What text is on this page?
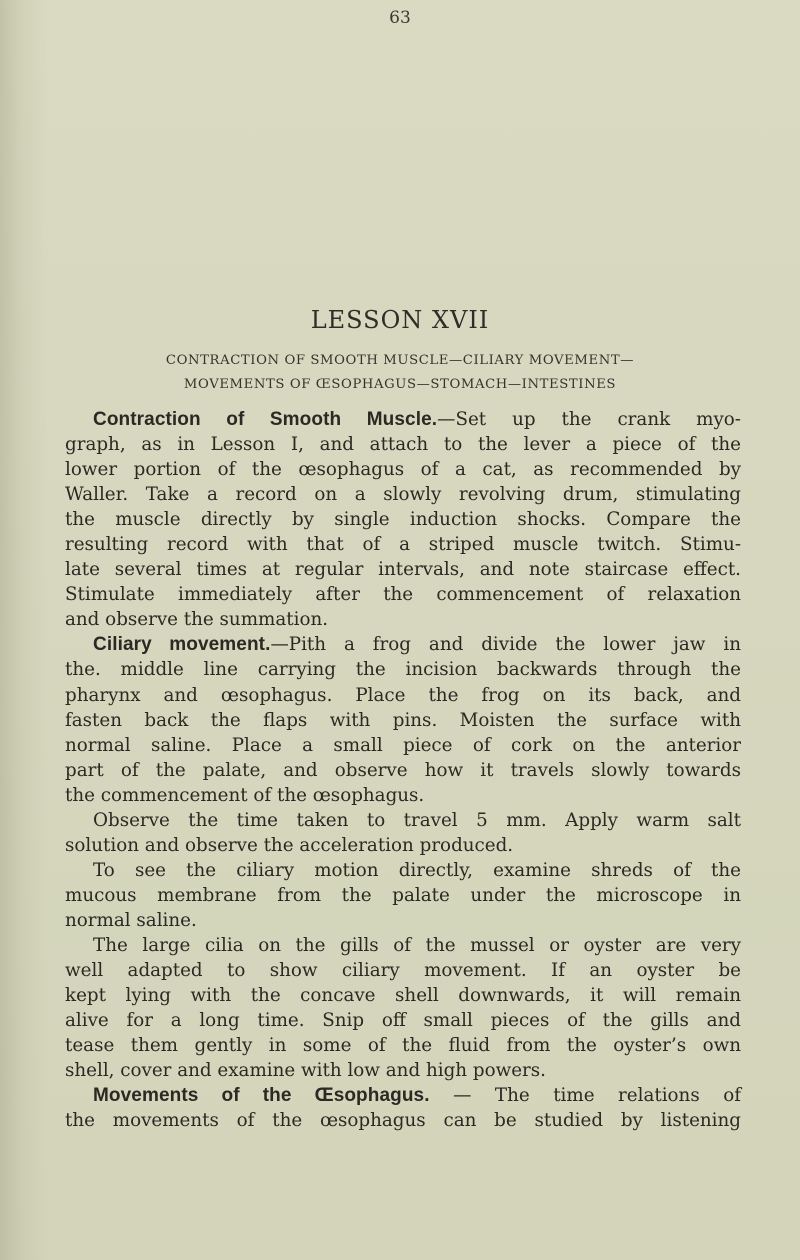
63
LESSON XVII
CONTRACTION OF SMOOTH MUSCLE—CILIARY MOVEMENT—
MOVEMENTS OF ŒSOPHAGUS—STOMACH—INTESTINES
Contraction of Smooth Muscle.—Set up the crank myo-
graph, as in Lesson I, and attach to the lever a piece of the
lower portion of the œsophagus of a cat, as recommended by
Waller. Take a record on a slowly revolving drum, stimulating
the muscle directly by single induction shocks. Compare the
resulting record with that of a striped muscle twitch. Stimu-
late several times at regular intervals, and note staircase effect.
Stimulate immediately after the commencement of relaxation
and observe the summation.
Ciliary movement.—Pith a frog and divide the lower jaw in
the. middle line carrying the incision backwards through the
pharynx and œsophagus. Place the frog on its back, and
fasten back the flaps with pins. Moisten the surface with
normal saline. Place a small piece of cork on the anterior
part of the palate, and observe how it travels slowly towards
the commencement of the œsophagus.
Observe the time taken to travel 5 mm. Apply warm salt
solution and observe the acceleration produced.
To see the ciliary motion directly, examine shreds of the
mucous membrane from the palate under the microscope in
normal saline.
The large cilia on the gills of the mussel or oyster are very
well adapted to show ciliary movement. If an oyster be
kept lying with the concave shell downwards, it will remain
alive for a long time. Snip off small pieces of the gills and
tease them gently in some of the fluid from the oyster’s own
shell, cover and examine with low and high powers.
Movements of the Œsophagus. — The time relations of
the movements of the œsophagus can be studied by listening
